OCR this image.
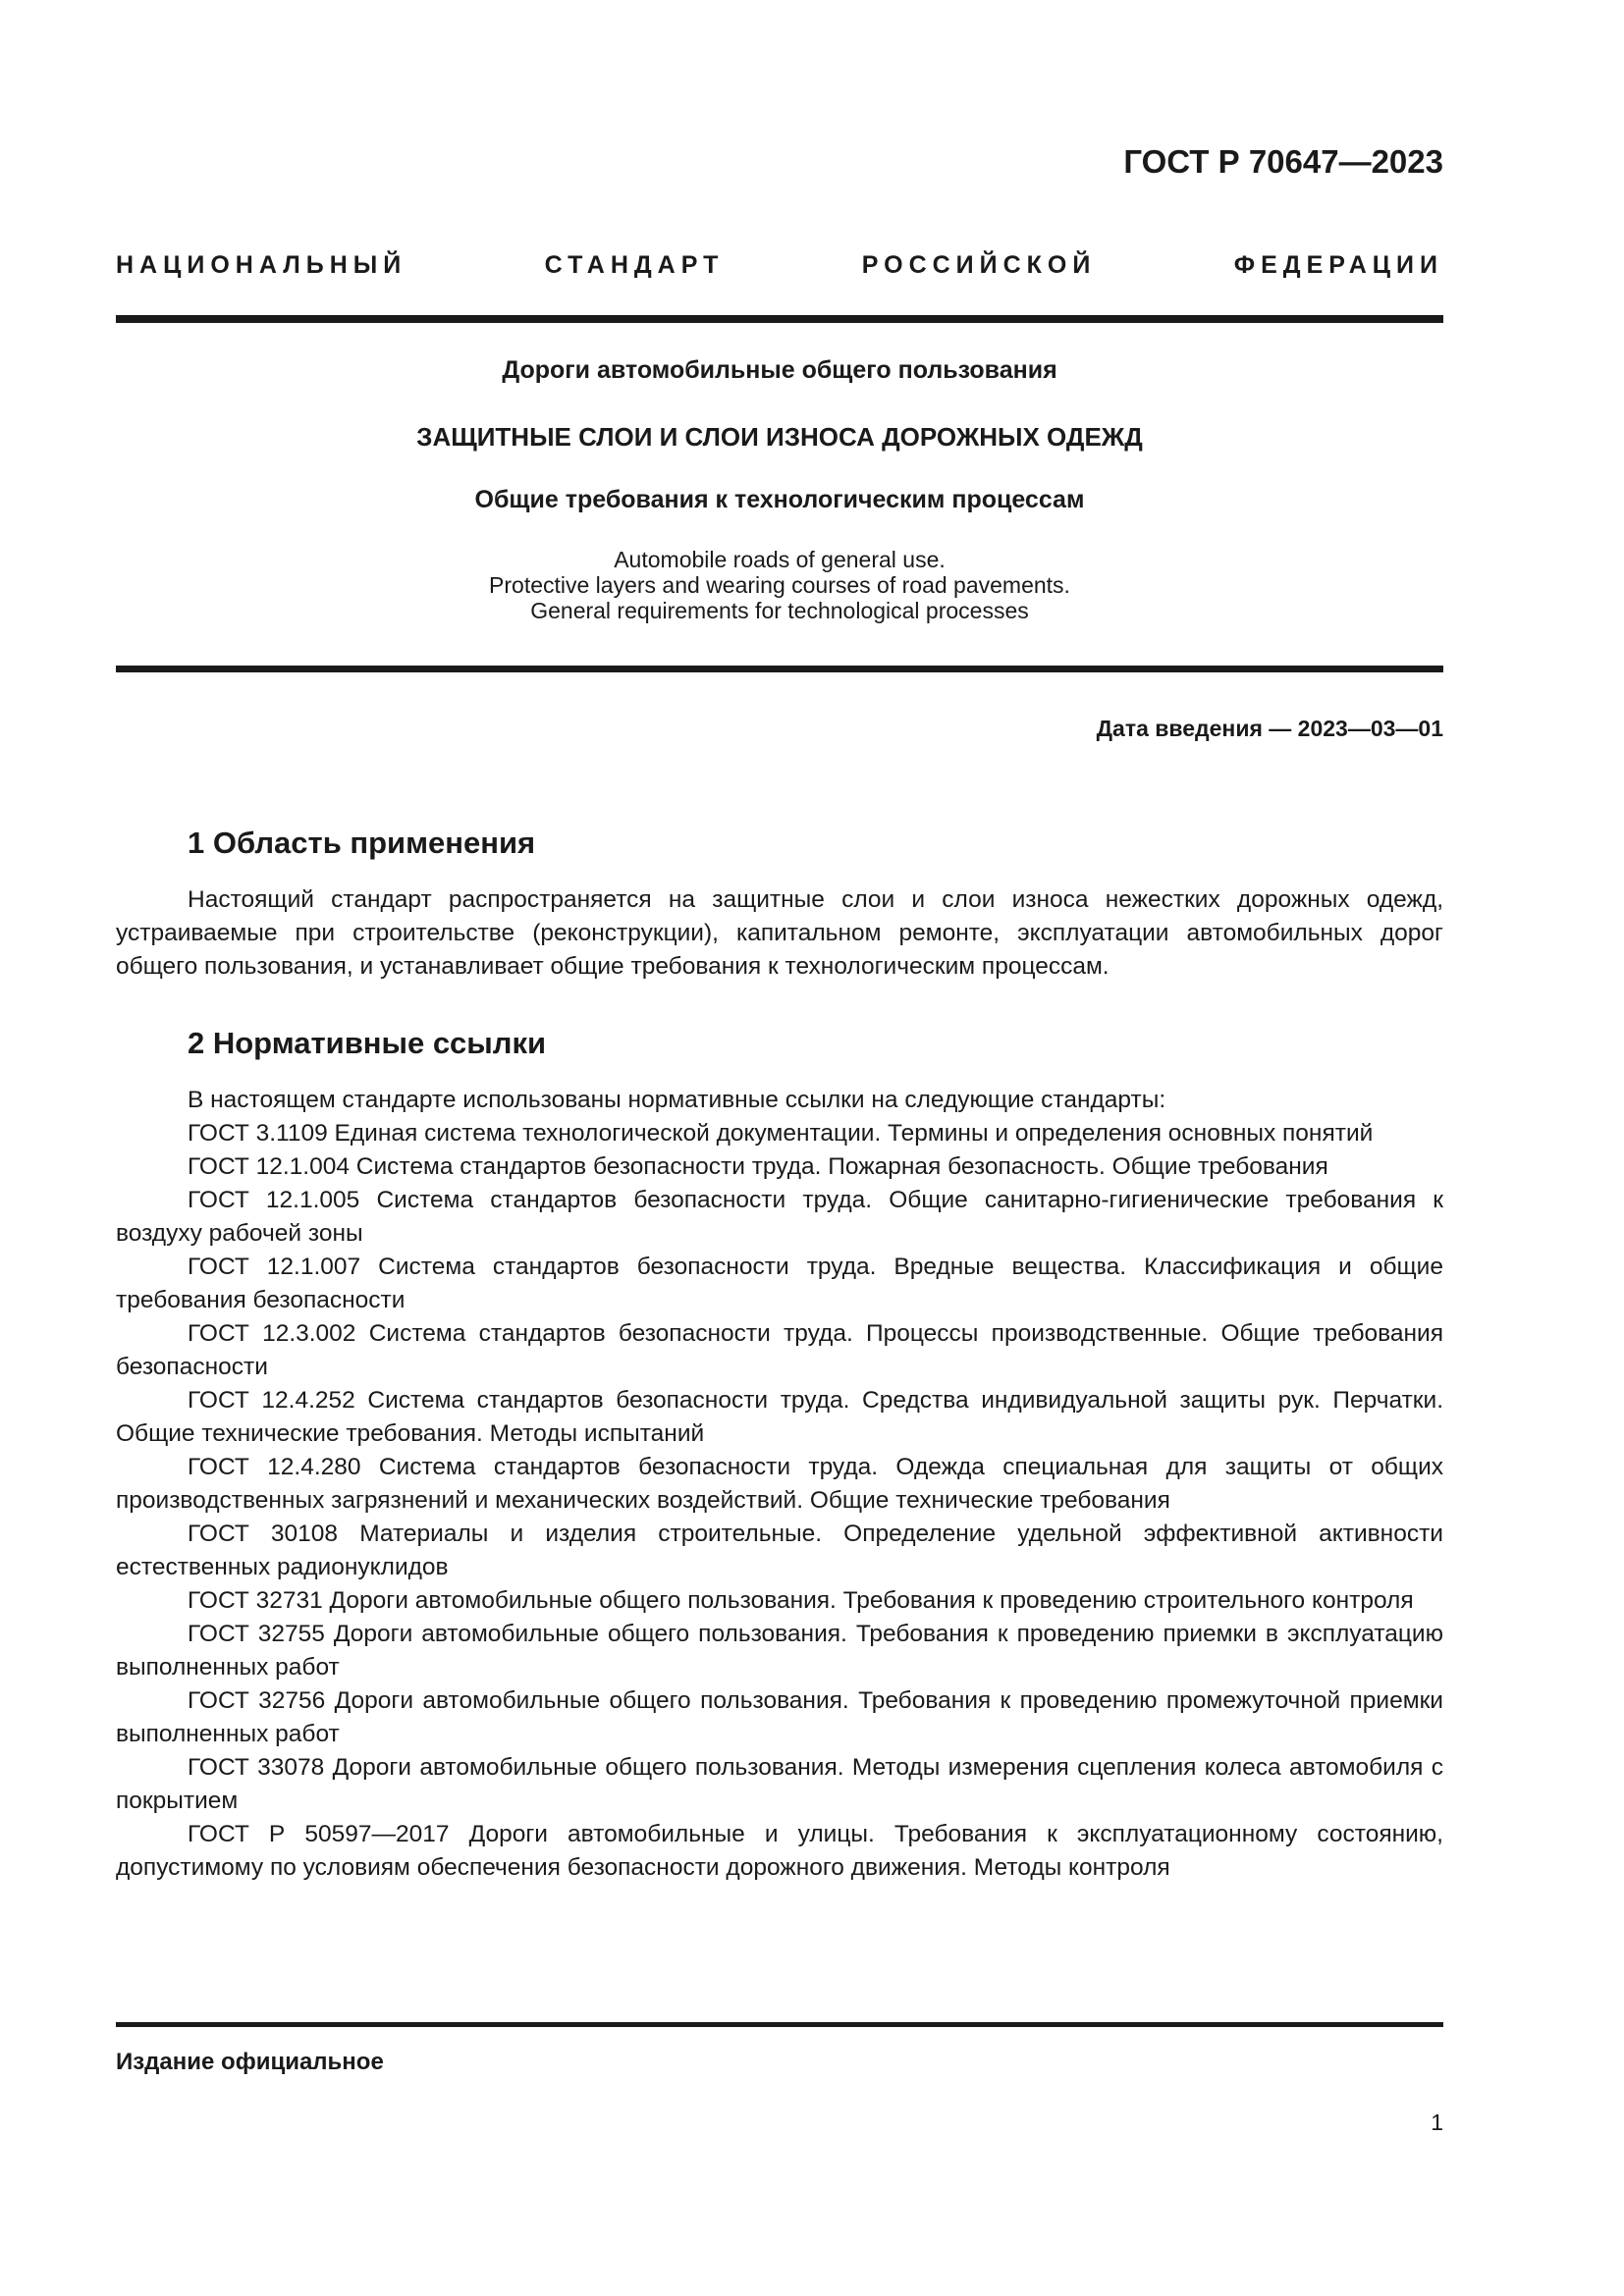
ГОСТ Р 70647—2023
НАЦИОНАЛЬНЫЙ СТАНДАРТ РОССИЙСКОЙ ФЕДЕРАЦИИ
Дороги автомобильные общего пользования
ЗАЩИТНЫЕ СЛОИ И СЛОИ ИЗНОСА ДОРОЖНЫХ ОДЕЖД
Общие требования к технологическим процессам
Automobile roads of general use.
Protective layers and wearing courses of road pavements.
General requirements for technological processes
Дата введения — 2023—03—01
1 Область применения

Настоящий стандарт распространяется на защитные слои и слои износа нежестких дорожных одежд, устраиваемые при строительстве (реконструкции), капитальном ремонте, эксплуатации автомобильных дорог общего пользования, и устанавливает общие требования к технологическим процессам.

2 Нормативные ссылки

В настоящем стандарте использованы нормативные ссылки на следующие стандарты:

ГОСТ 3.1109 Единая система технологической документации. Термины и определения основных понятий

ГОСТ 12.1.004 Система стандартов безопасности труда. Пожарная безопасность. Общие требования

ГОСТ 12.1.005 Система стандартов безопасности труда. Общие санитарно-гигиенические требования к воздуху рабочей зоны

ГОСТ 12.1.007 Система стандартов безопасности труда. Вредные вещества. Классификация и общие требования безопасности

ГОСТ 12.3.002 Система стандартов безопасности труда. Процессы производственные. Общие требования безопасности

ГОСТ 12.4.252 Система стандартов безопасности труда. Средства индивидуальной защиты рук. Перчатки. Общие технические требования. Методы испытаний

ГОСТ 12.4.280 Система стандартов безопасности труда. Одежда специальная для защиты от общих производственных загрязнений и механических воздействий. Общие технические требования

ГОСТ 30108 Материалы и изделия строительные. Определение удельной эффективной активности естественных радионуклидов

ГОСТ 32731 Дороги автомобильные общего пользования. Требования к проведению строительного контроля

ГОСТ 32755 Дороги автомобильные общего пользования. Требования к проведению приемки в эксплуатацию выполненных работ

ГОСТ 32756 Дороги автомобильные общего пользования. Требования к проведению промежуточной приемки выполненных работ

ГОСТ 33078 Дороги автомобильные общего пользования. Методы измерения сцепления колеса автомобиля с покрытием

ГОСТ Р 50597—2017 Дороги автомобильные и улицы. Требования к эксплуатационному состоянию, допустимому по условиям обеспечения безопасности дорожного движения. Методы контроля

Издание официальное
1
